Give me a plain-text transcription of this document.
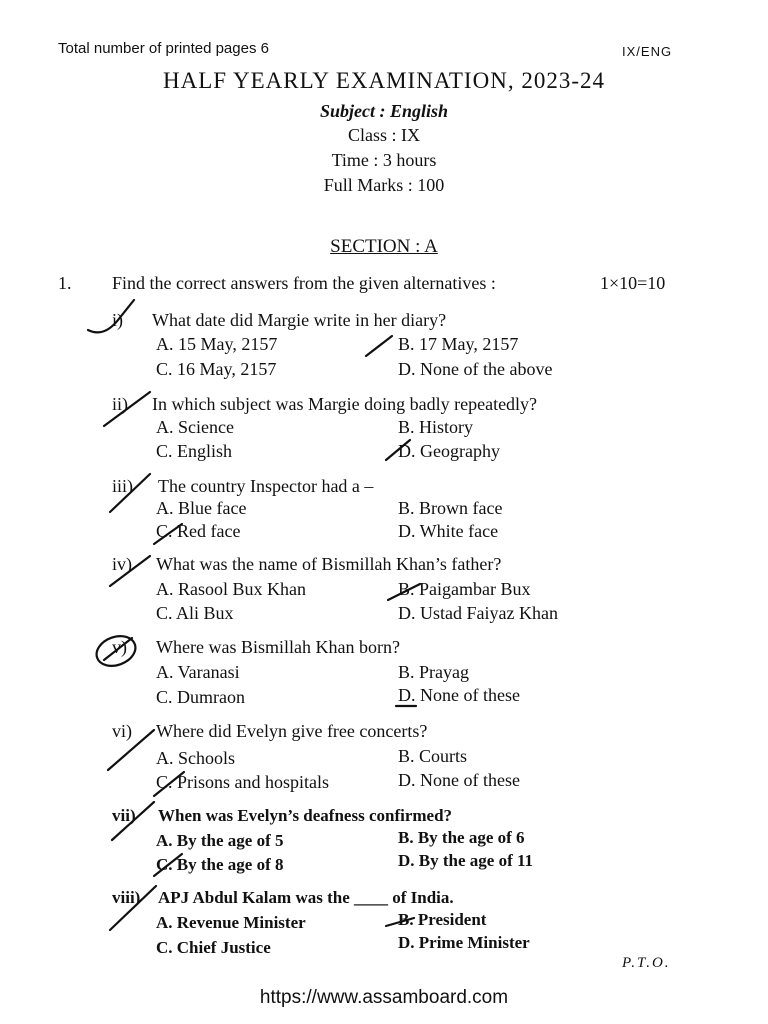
Total number of printed pages 6	IX/ENG
HALF YEARLY EXAMINATION, 2023-24
Subject : English
Class : IX
Time : 3 hours
Full Marks : 100
SECTION : A
1. Find the correct answers from the given alternatives :	1×10=10
i) What date did Margie write in her diary?
A. 15 May, 2157	B. 17 May, 2157
C. 16 May, 2157	D. None of the above
ii) In which subject was Margie doing badly repeatedly?
A. Science	B. History
C. English	D. Geography
iii) The country Inspector had a –
A. Blue face	B. Brown face
C. Red face	D. White face
iv) What was the name of Bismillah Khan’s father?
A. Rasool Bux Khan	B. Paigambar Bux
C. Ali Bux	D. Ustad Faiyaz Khan
v) Where was Bismillah Khan born?
A. Varanasi	B. Prayag
C. Dumraon	D. None of these
vi) Where did Evelyn give free concerts?
A. Schools	B. Courts
C. Prisons and hospitals	D. None of these
vii) When was Evelyn’s deafness confirmed?
A. By the age of 5	B. By the age of 6
C. By the age of 8	D. By the age of 11
viii) APJ Abdul Kalam was the ____ of India.
A. Revenue Minister	B. President
C. Chief Justice	D. Prime Minister
P.T.O.
https://www.assamboard.com
